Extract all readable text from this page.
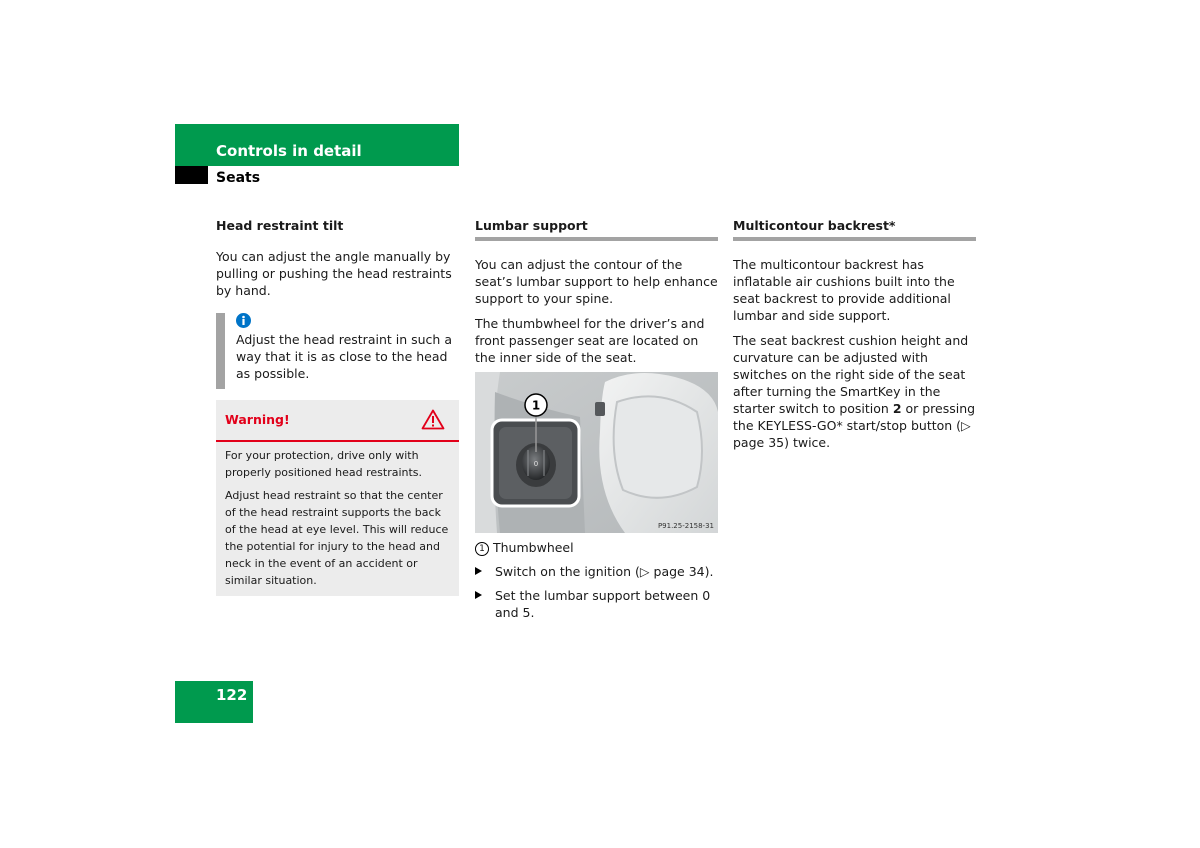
Controls in detail
Seats
Head restraint tilt

You can adjust the angle manually by pulling or pushing the head restraints by hand.

Adjust the head restraint in such a way that it is as close to the head as possible.

Warning!

For your protection, drive only with properly positioned head restraints.

Adjust head restraint so that the center of the head restraint supports the back of the head at eye level. This will reduce the potential for injury to the head and neck in the event of an accident or similar situation.

Lumbar support

You can adjust the contour of the seat’s lumbar support to help enhance support to your spine.

The thumbwheel for the driver’s and front passenger seat are located on the inner side of the seat.

0
1
P91.25-2158-31

1 Thumbwheel

Switch on the ignition (▷ page 34).

Set the lumbar support between 0 and 5.

Multicontour backrest*

The multicontour backrest has inflatable air cushions built into the seat backrest to provide additional lumbar and side support.

The seat backrest cushion height and curvature can be adjusted with switches on the right side of the seat after turning the SmartKey in the starter switch to position 2 or pressing the KEYLESS-GO* start/stop button (▷ page 35) twice.

122
